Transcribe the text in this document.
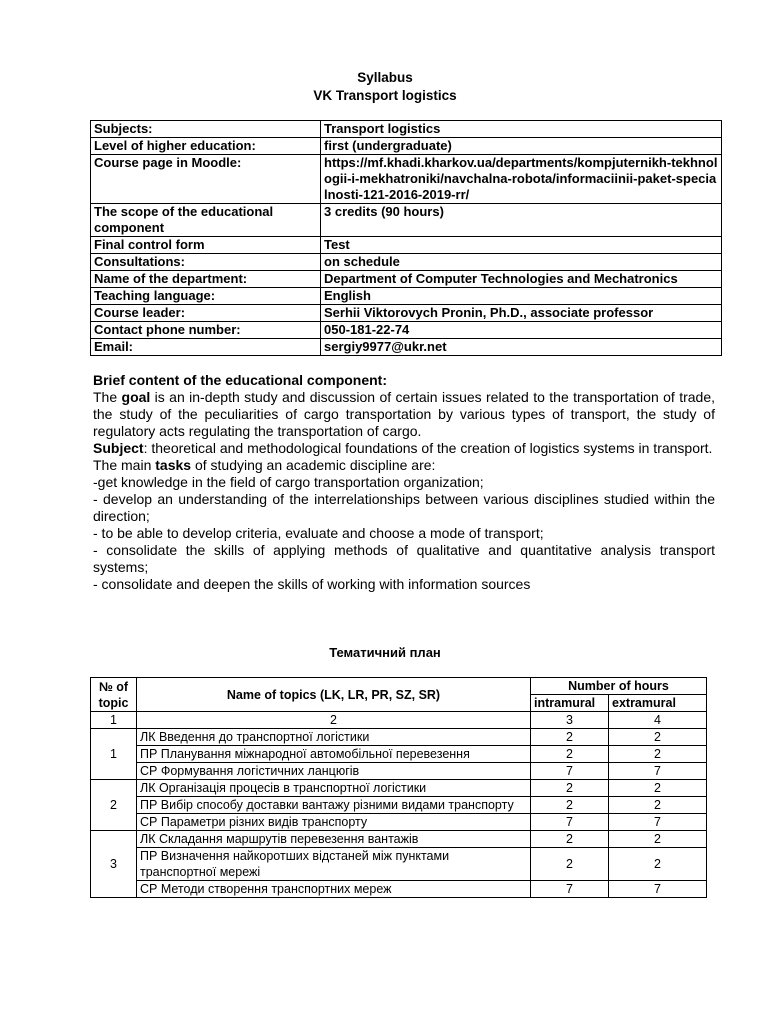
Syllabus
VK Transport logistics
Subjects:	Transport logistics
Level of higher education:	first (undergraduate)
Course page in Moodle:	https://mf.khadi.kharkov.ua/departments/kompjuternikh-tekhnologii-i-mekhatroniki/navchalna-robota/informaciinii-paket-specialnosti-121-2016-2019-rr/
The scope of the educational component	3 credits (90 hours)
Final control form	Test
Consultations:	on schedule
Name of the department:	Department of Computer Technologies and Mechatronics
Teaching language:	English
Course leader:	Serhii Viktorovych Pronin, Ph.D., associate professor
Contact phone number:	050-181-22-74
Email:	sergiy9977@ukr.net

Brief content of the educational component:

The goal is an in-depth study and discussion of certain issues related to the transportation of trade, the study of the peculiarities of cargo transportation by various types of transport, the study of regulatory acts regulating the transportation of cargo.

Subject: theoretical and methodological foundations of the creation of logistics systems in transport.

The main tasks of studying an academic discipline are:

-get knowledge in the field of cargo transportation organization;

- develop an understanding of the interrelationships between various disciplines studied within the direction;

- to be able to develop criteria, evaluate and choose a mode of transport;

- consolidate the skills of applying methods of qualitative and quantitative analysis transport systems;

- consolidate and deepen the skills of working with information sources

Тематичний план
№ of topic	Name of topics (LK, LR, PR, SZ, SR)	Number of hours	
		intramural	extramural
1	2	3	4
1	ЛК Введення до транспортної логістики	2	2
	ПР Планування міжнародної автомобільної перевезення	2	2
	СР Формування логістичних ланцюгів	7	7
2	ЛК Організація процесів в транспортної логістики	2	2
	ПР Вибір способу доставки вантажу різними видами транспорту	2	2
	СР Параметри різних видів транспорту	7	7
3	ЛК Складання маршрутів перевезення вантажів	2	2
	ПР Визначення найкоротших відстаней між пунктами транспортної мережі	2	2
	СР Методи створення транспортних мереж	7	7
